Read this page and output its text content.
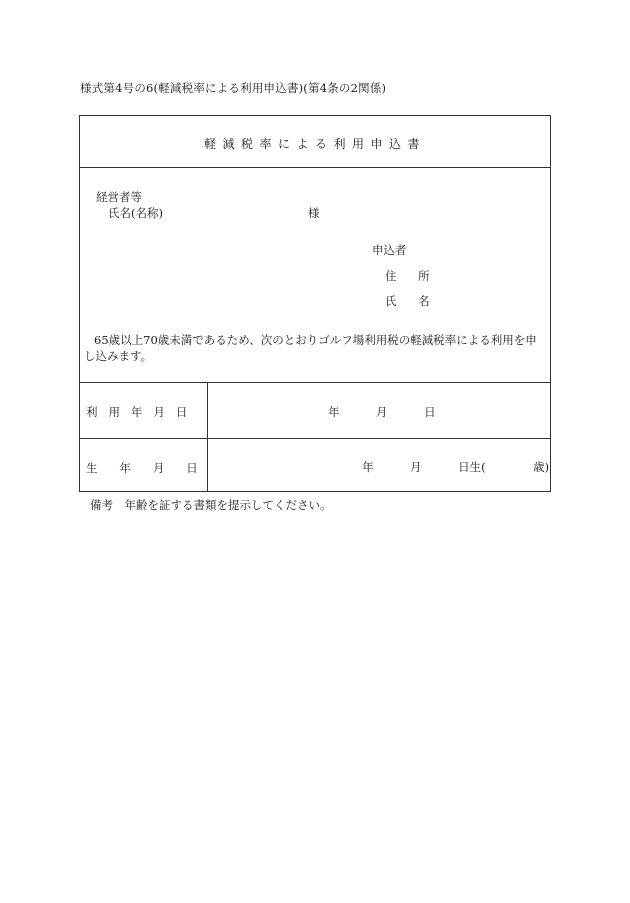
様式第4号の6(軽減税率による利用申込書)(第4条の2関係)
軽減税率による利用申込書
経営者等
氏名(名称)	様
申込者
住 所
氏 名
65歳以上70歳未満であるため、次のとおりゴルフ場利用税の軽減税率による利用を申し込みます。
利   用   年   月   日	年          月          日
生      年      月      日	年          月          日生(             歳)
備考　年齢を証する書類を提示してください。
